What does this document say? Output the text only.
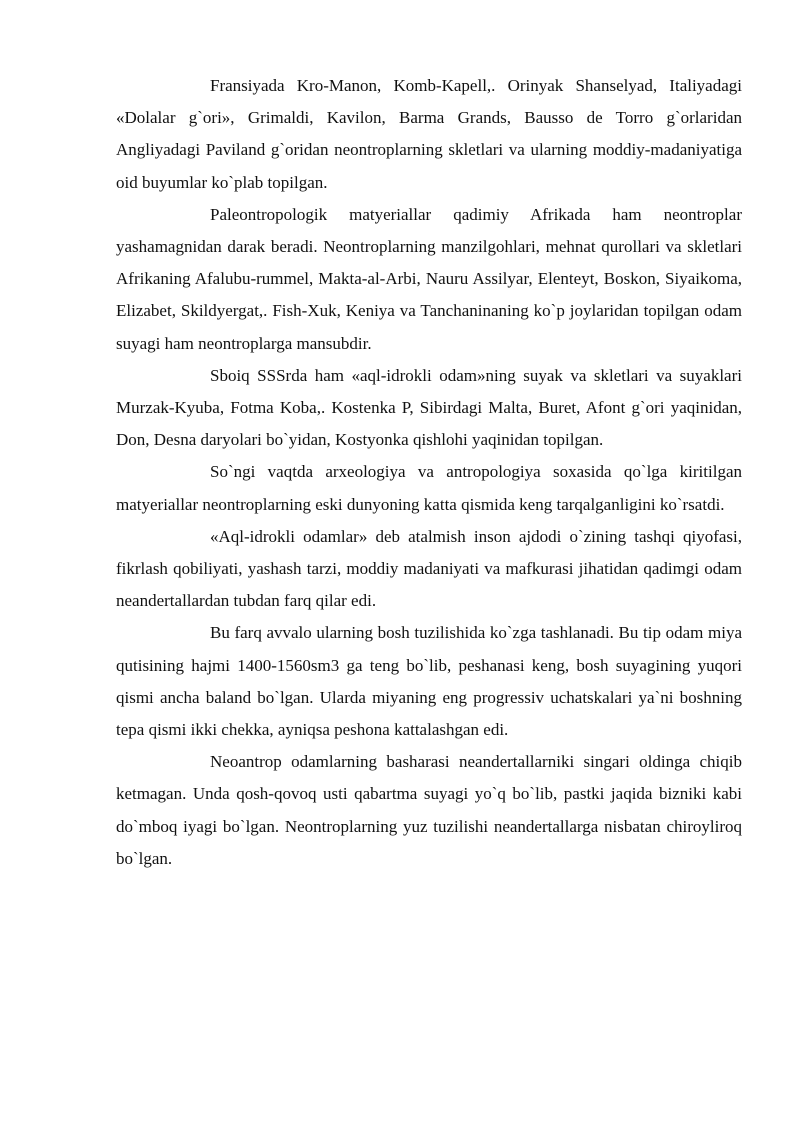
Fransiyada Kro-Manon, Komb-Kapell,. Orinyak Shanselyad, Italiyadagi «Dolalar g`ori», Grimaldi, Kavilon, Barma Grands, Bausso de Torro g`orlaridan Angliyadagi Paviland g`oridan neontroplarning skletlari va ularning moddiy-madaniyatiga oid buyumlar ko`plab topilgan.

Paleontropologik matyeriallar qadimiy Afrikada ham neontroplar yashamagnidan darak beradi. Neontroplarning manzilgohlari, mehnat qurollari va skletlari Afrikaning Afalubu-rummel, Makta-al-Arbi, Nauru Assilyar, Elenteyt, Boskon, Siyaikoma, Elizabet, Skildyergat,. Fish-Xuk, Keniya va Tanchaninaning ko`p joylaridan topilgan odam suyagi ham neontroplarga mansubdir.

Sboiq SSSrda ham «aql-idrokli odam»ning suyak va skletlari va suyaklari Murzak-Kyuba, Fotma Koba,. Kostenka P, Sibirdagi Malta, Buret, Afont g`ori yaqinidan, Don, Desna daryolari bo`yidan, Kostyonka qishlohi yaqinidan topilgan.

So`ngi vaqtda arxeologiya va antropologiya soxasida qo`lga kiritilgan matyeriallar neontroplarning eski dunyoning katta qismida keng tarqalganligini ko`rsatdi.

«Aql-idrokli odamlar» deb atalmish inson ajdodi o`zining tashqi qiyofasi, fikrlash qobiliyati, yashash tarzi, moddiy madaniyati va mafkurasi jihatidan qadimgi odam neandertallardan tubdan farq qilar edi.

Bu farq avvalo ularning bosh tuzilishida ko`zga tashlanadi. Bu tip odam miya qutisining hajmi 1400-1560sm3 ga teng bo`lib, peshanasi keng, bosh suyagining yuqori qismi ancha baland bo`lgan. Ularda miyaning eng progressiv uchatskalari ya`ni boshning tepa qismi ikki chekka, ayniqsa peshona kattalashgan edi.

Neoantrop odamlarning basharasi neandertallarniki singari oldinga chiqib ketmagan. Unda qosh-qovoq usti qabartma suyagi yo`q bo`lib, pastki jaqida bizniki kabi do`mboq iyagi bo`lgan. Neontroplarning yuz tuzilishi neandertallarga nisbatan chiroyliroq bo`lgan.
